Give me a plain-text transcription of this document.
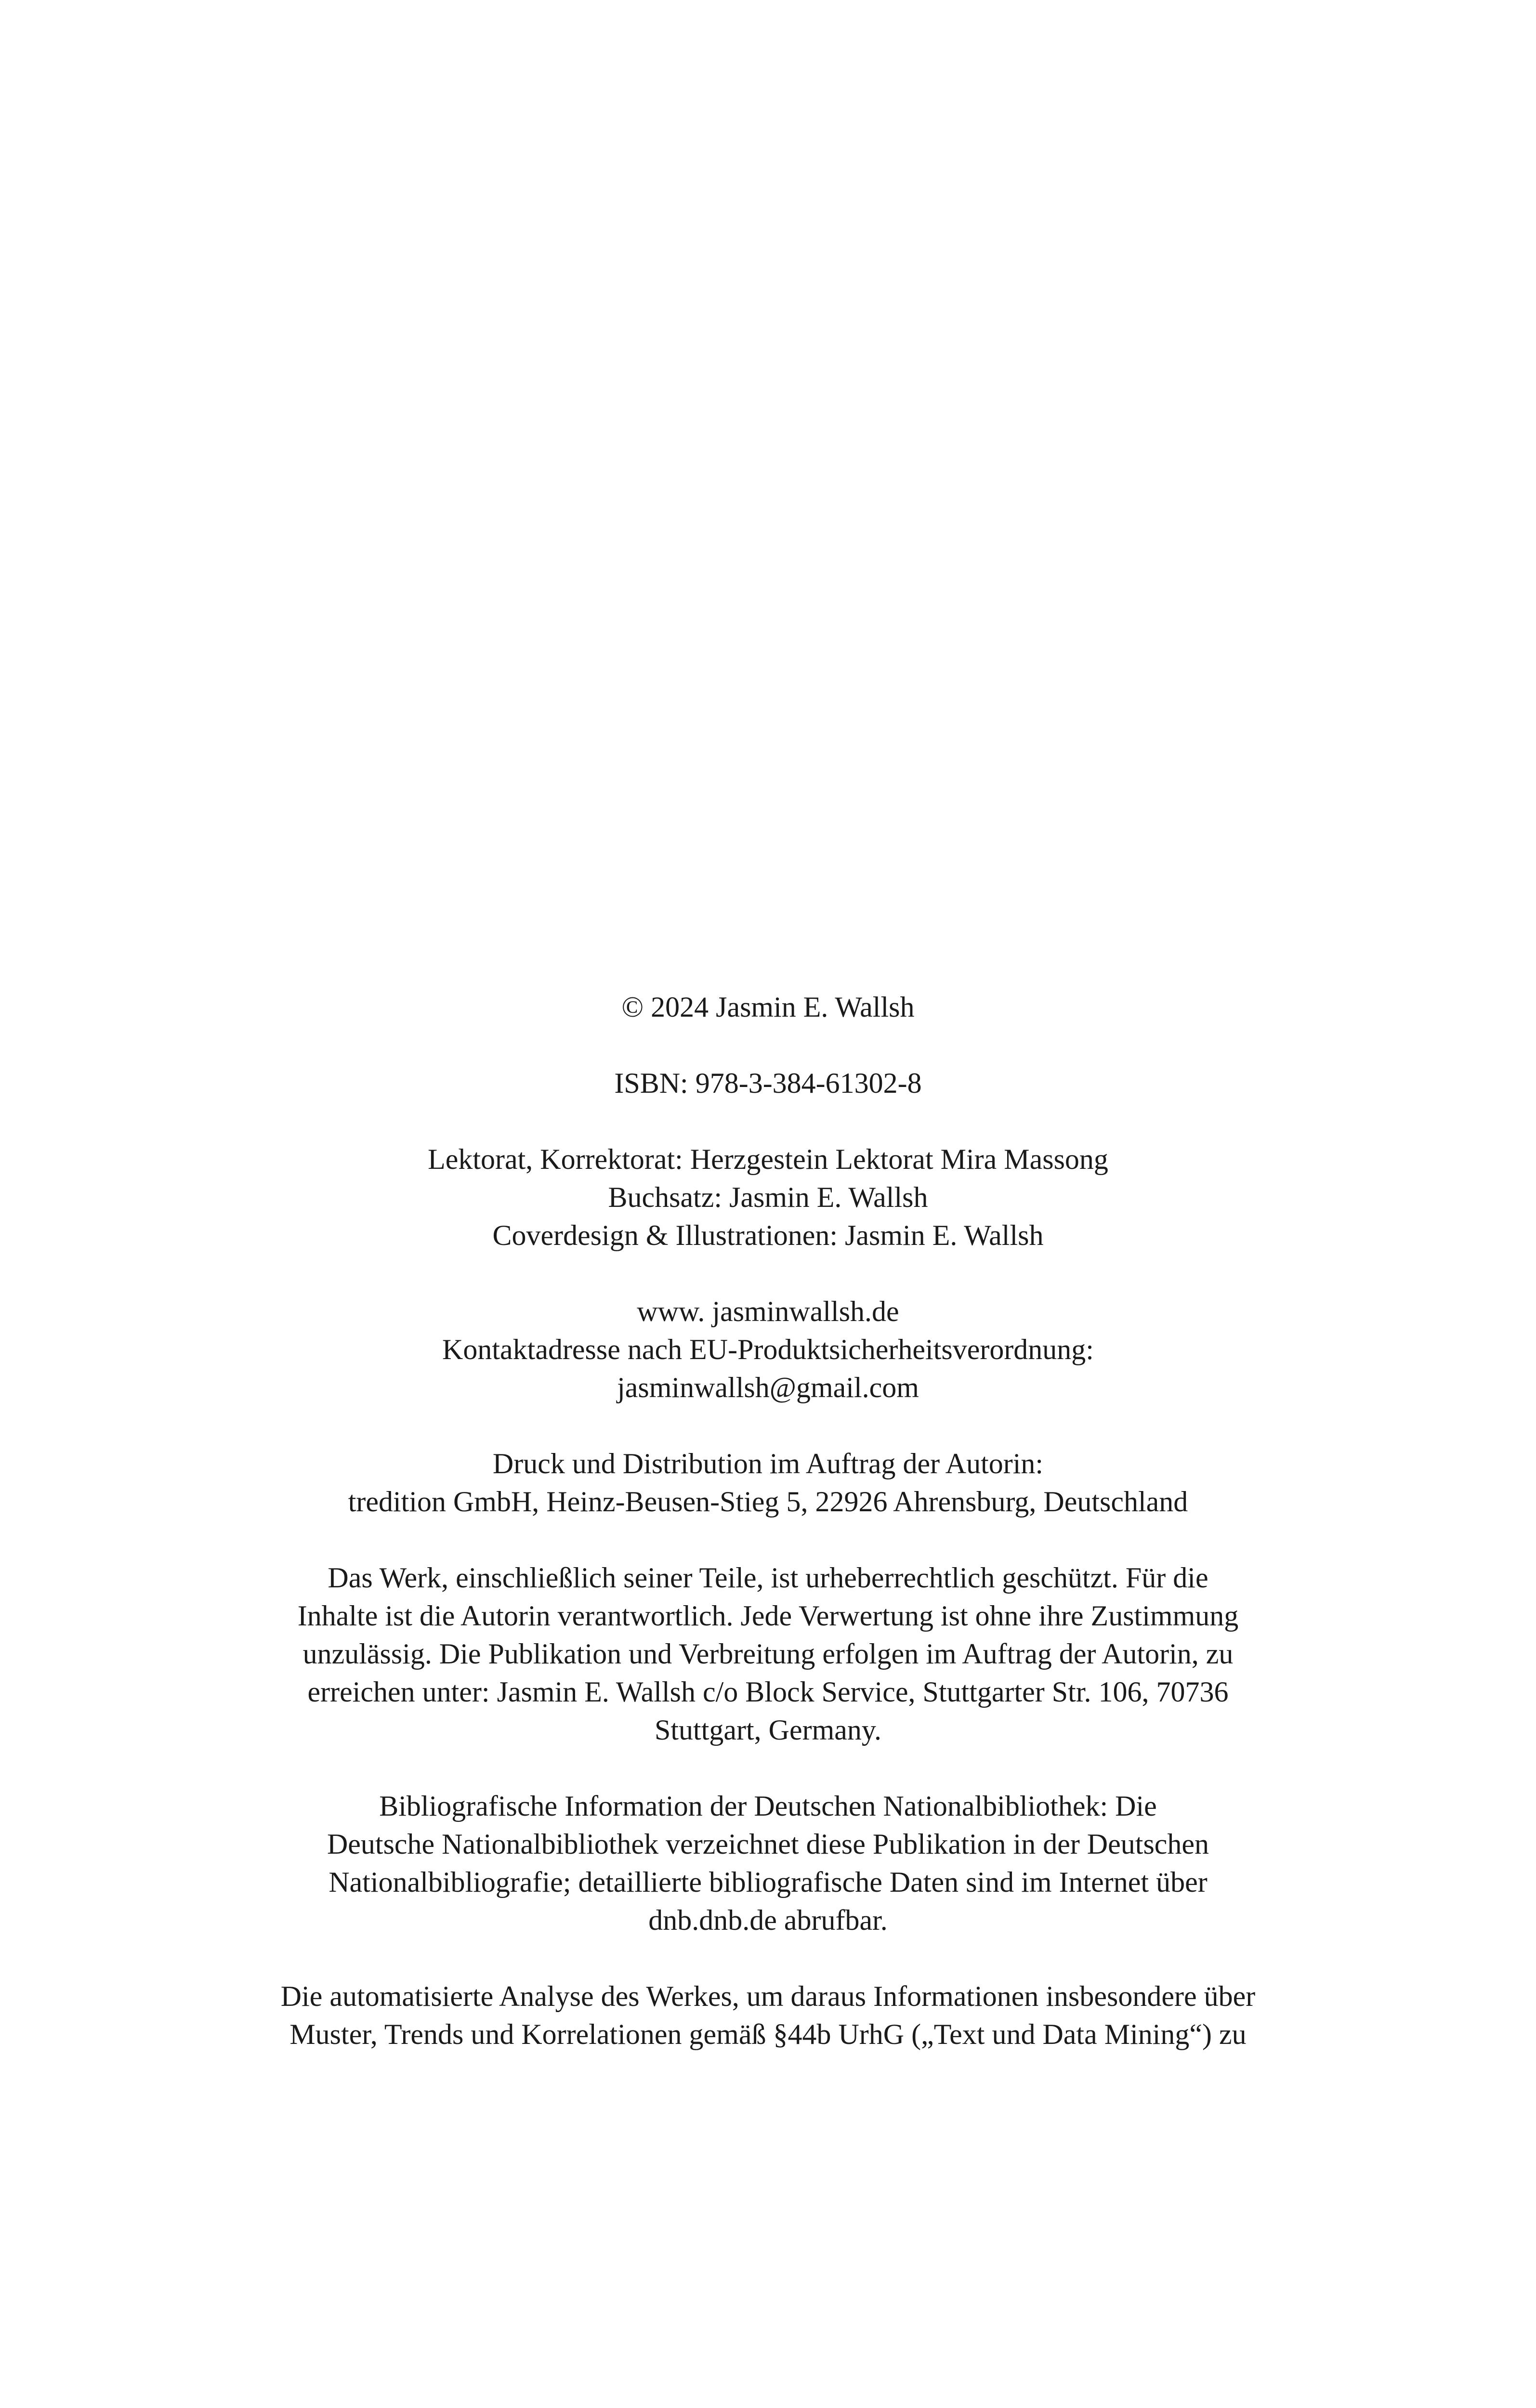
© 2024 Jasmin E. Wallsh
ISBN: 978-3-384-61302-8
Lektorat, Korrektorat: Herzgestein Lektorat Mira Massong
Buchsatz: Jasmin E. Wallsh
Coverdesign & Illustrationen: Jasmin E. Wallsh
www. jasminwallsh.de
Kontaktadresse nach EU-Produktsicherheitsverordnung:
jasminwallsh@gmail.com
Druck und Distribution im Auftrag der Autorin:
tredition GmbH, Heinz-Beusen-Stieg 5, 22926 Ahrensburg, Deutschland
Das Werk, einschließlich seiner Teile, ist urheberrechtlich geschützt. Für die
Inhalte ist die Autorin verantwortlich. Jede Verwertung ist ohne ihre Zustimmung
unzulässig. Die Publikation und Verbreitung erfolgen im Auftrag der Autorin, zu
erreichen unter: Jasmin E. Wallsh c/o Block Service, Stuttgarter Str. 106, 70736
Stuttgart, Germany.
Bibliografische Information der Deutschen Nationalbibliothek: Die
Deutsche Nationalbibliothek verzeichnet diese Publikation in der Deutschen
Nationalbibliografie; detaillierte bibliografische Daten sind im Internet über
dnb.dnb.de abrufbar.
Die automatisierte Analyse des Werkes, um daraus Informationen insbesondere über
Muster, Trends und Korrelationen gemäß §44b UrhG („Text und Data Mining“) zu
